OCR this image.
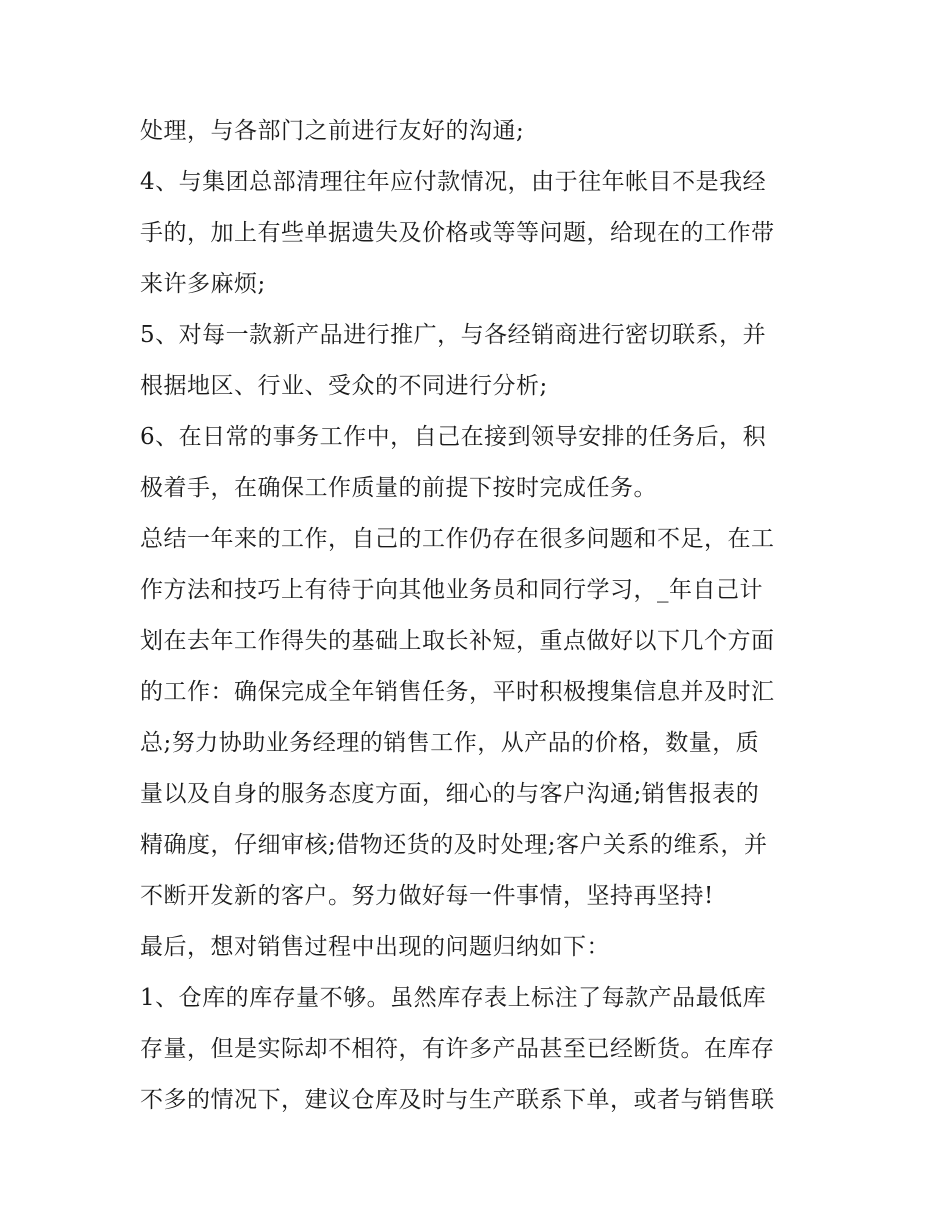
处理，与各部门之前进行友好的沟通;
4、与集团总部清理往年应付款情况，由于往年帐目不是我经
手的，加上有些单据遗失及价格或等等问题，给现在的工作带
来许多麻烦;
5、对每一款新产品进行推广，与各经销商进行密切联系，并
根据地区、行业、受众的不同进行分析;
6、在日常的事务工作中，自己在接到领导安排的任务后，积
极着手，在确保工作质量的前提下按时完成任务。
总结一年来的工作，自己的工作仍存在很多问题和不足，在工
作方法和技巧上有待于向其他业务员和同行学习，_年自己计
划在去年工作得失的基础上取长补短，重点做好以下几个方面
的工作：确保完成全年销售任务，平时积极搜集信息并及时汇
总;努力协助业务经理的销售工作，从产品的价格，数量，质
量以及自身的服务态度方面，细心的与客户沟通;销售报表的
精确度，仔细审核;借物还货的及时处理;客户关系的维系，并
不断开发新的客户。努力做好每一件事情，坚持再坚持!
最后，想对销售过程中出现的问题归纳如下：
1、仓库的库存量不够。虽然库存表上标注了每款产品最低库
存量，但是实际却不相符，有许多产品甚至已经断货。在库存
不多的情况下，建议仓库及时与生产联系下单，或者与销售联
